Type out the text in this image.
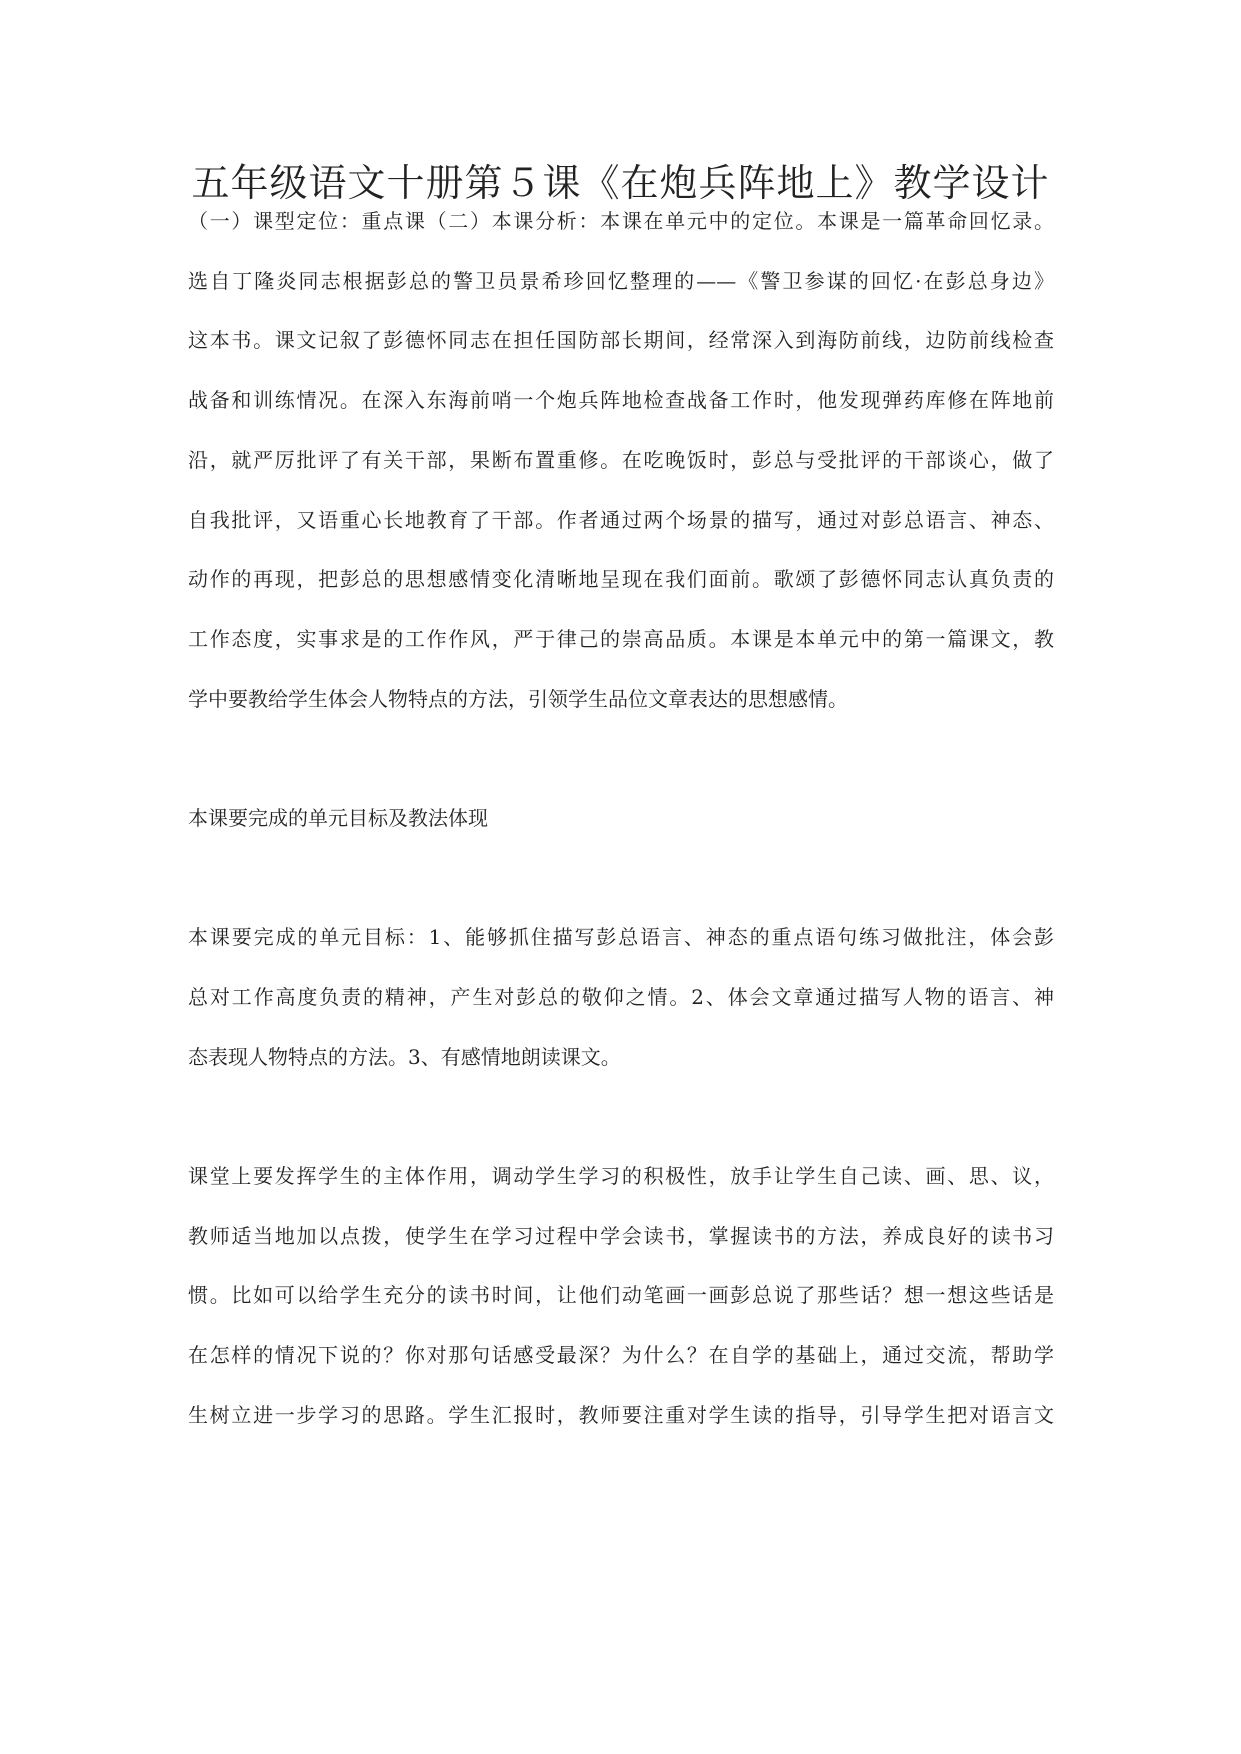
五年级语文十册第５课《在炮兵阵地上》教学设计

（一）课型定位：重点课（二）本课分析：本课在单元中的定位。本课是一篇革命回忆录。

选自丁隆炎同志根据彭总的警卫员景希珍回忆整理的——《警卫参谋的回忆·在彭总身边》

这本书。课文记叙了彭德怀同志在担任国防部长期间，经常深入到海防前线，边防前线检查

战备和训练情况。在深入东海前哨一个炮兵阵地检查战备工作时，他发现弹药库修在阵地前

沿，就严厉批评了有关干部，果断布置重修。在吃晚饭时，彭总与受批评的干部谈心，做了

自我批评，又语重心长地教育了干部。作者通过两个场景的描写，通过对彭总语言、神态、

动作的再现，把彭总的思想感情变化清晰地呈现在我们面前。歌颂了彭德怀同志认真负责的

工作态度，实事求是的工作作风，严于律己的崇高品质。本课是本单元中的第一篇课文，教

学中要教给学生体会人物特点的方法，引领学生品位文章表达的思想感情。

本课要完成的单元目标及教法体现

本课要完成的单元目标：1、能够抓住描写彭总语言、神态的重点语句练习做批注，体会彭

总对工作高度负责的精神，产生对彭总的敬仰之情。2、体会文章通过描写人物的语言、神

态表现人物特点的方法。3、有感情地朗读课文。

课堂上要发挥学生的主体作用，调动学生学习的积极性，放手让学生自己读、画、思、议，

教师适当地加以点拨，使学生在学习过程中学会读书，掌握读书的方法，养成良好的读书习

惯。比如可以给学生充分的读书时间，让他们动笔画一画彭总说了那些话？想一想这些话是

在怎样的情况下说的？你对那句话感受最深？为什么？在自学的基础上，通过交流，帮助学

生树立进一步学习的思路。学生汇报时，教师要注重对学生读的指导，引导学生把对语言文
